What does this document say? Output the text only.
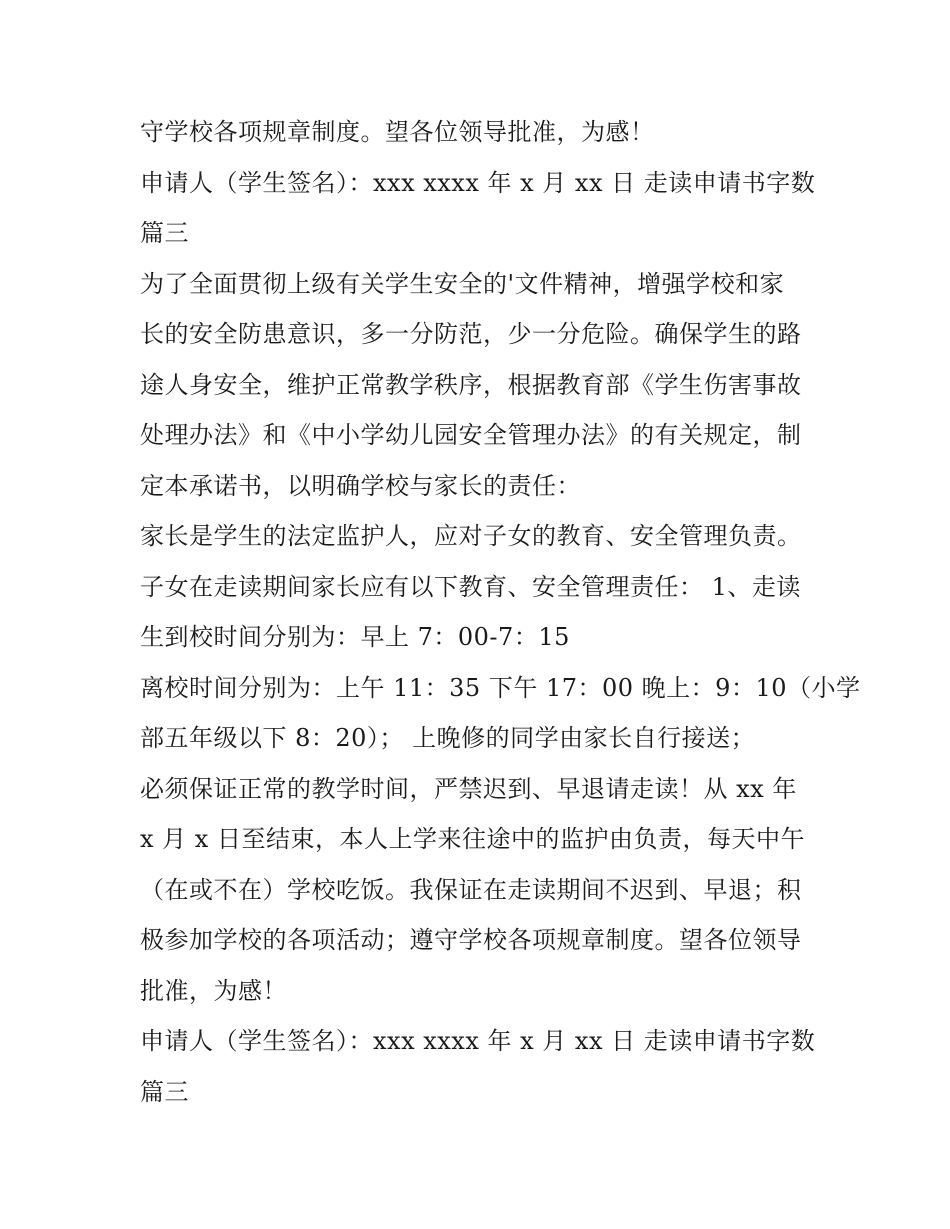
守学校各项规章制度。望各位领导批准，为感！
申请人（学生签名）：xxx xxxx 年 x 月 xx 日 走读申请书字数
篇三
为了全面贯彻上级有关学生安全的'文件精神，增强学校和家
长的安全防患意识，多一分防范，少一分危险。确保学生的路
途人身安全，维护正常教学秩序，根据教育部《学生伤害事故
处理办法》和《中小学幼儿园安全管理办法》的有关规定，制
定本承诺书，以明确学校与家长的责任：
家长是学生的法定监护人，应对子女的教育、安全管理负责。
子女在走读期间家长应有以下教育、安全管理责任： 1、走读
生到校时间分别为：早上 7：00-7：15
离校时间分别为：上午 11：35 下午 17：00 晚上：9：10（小学
部五年级以下 8：20）； 上晚修的同学由家长自行接送；
必须保证正常的教学时间，严禁迟到、早退请走读！从 xx 年
x 月 x 日至结束，本人上学来往途中的监护由负责，每天中午
（在或不在）学校吃饭。我保证在走读期间不迟到、早退；积
极参加学校的各项活动；遵守学校各项规章制度。望各位领导
批准，为感！
申请人（学生签名）：xxx xxxx 年 x 月 xx 日 走读申请书字数
篇三
